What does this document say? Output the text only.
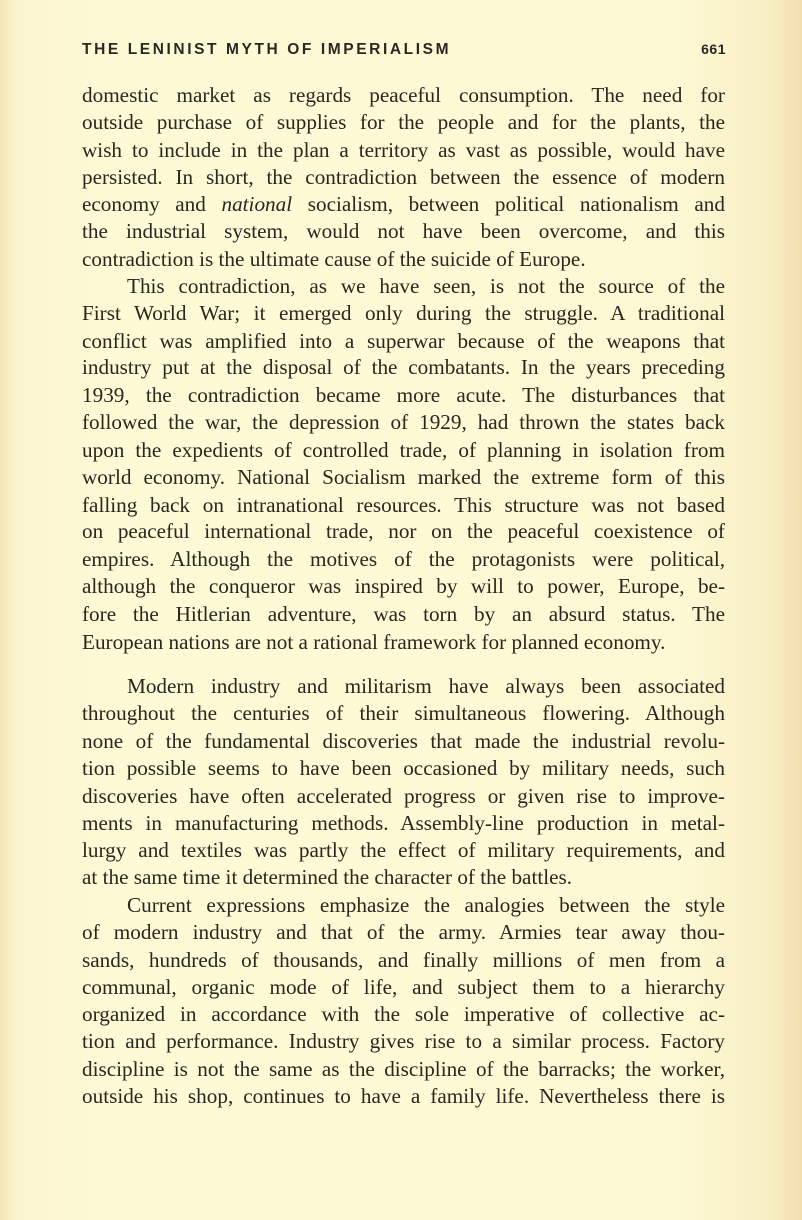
THE LENINIST MYTH OF IMPERIALISM	661
domestic market as regards peaceful consumption. The need for
outside purchase of supplies for the people and for the plants, the
wish to include in the plan a territory as vast as possible, would have
persisted. In short, the contradiction between the essence of modern
economy and national socialism, between political nationalism and
the industrial system, would not have been overcome, and this
contradiction is the ultimate cause of the suicide of Europe.
This contradiction, as we have seen, is not the source of the
First World War; it emerged only during the struggle. A traditional
conflict was amplified into a superwar because of the weapons that
industry put at the disposal of the combatants. In the years preceding
1939, the contradiction became more acute. The disturbances that
followed the war, the depression of 1929, had thrown the states back
upon the expedients of controlled trade, of planning in isolation from
world economy. National Socialism marked the extreme form of this
falling back on intranational resources. This structure was not based
on peaceful international trade, nor on the peaceful coexistence of
empires. Although the motives of the protagonists were political,
although the conqueror was inspired by will to power, Europe, be-
fore the Hitlerian adventure, was torn by an absurd status. The
European nations are not a rational framework for planned economy.
Modern industry and militarism have always been associated
throughout the centuries of their simultaneous flowering. Although
none of the fundamental discoveries that made the industrial revolu-
tion possible seems to have been occasioned by military needs, such
discoveries have often accelerated progress or given rise to improve-
ments in manufacturing methods. Assembly-line production in metal-
lurgy and textiles was partly the effect of military requirements, and
at the same time it determined the character of the battles.
Current expressions emphasize the analogies between the style
of modern industry and that of the army. Armies tear away thou-
sands, hundreds of thousands, and finally millions of men from a
communal, organic mode of life, and subject them to a hierarchy
organized in accordance with the sole imperative of collective ac-
tion and performance. Industry gives rise to a similar process. Factory
discipline is not the same as the discipline of the barracks; the worker,
outside his shop, continues to have a family life. Nevertheless there is
